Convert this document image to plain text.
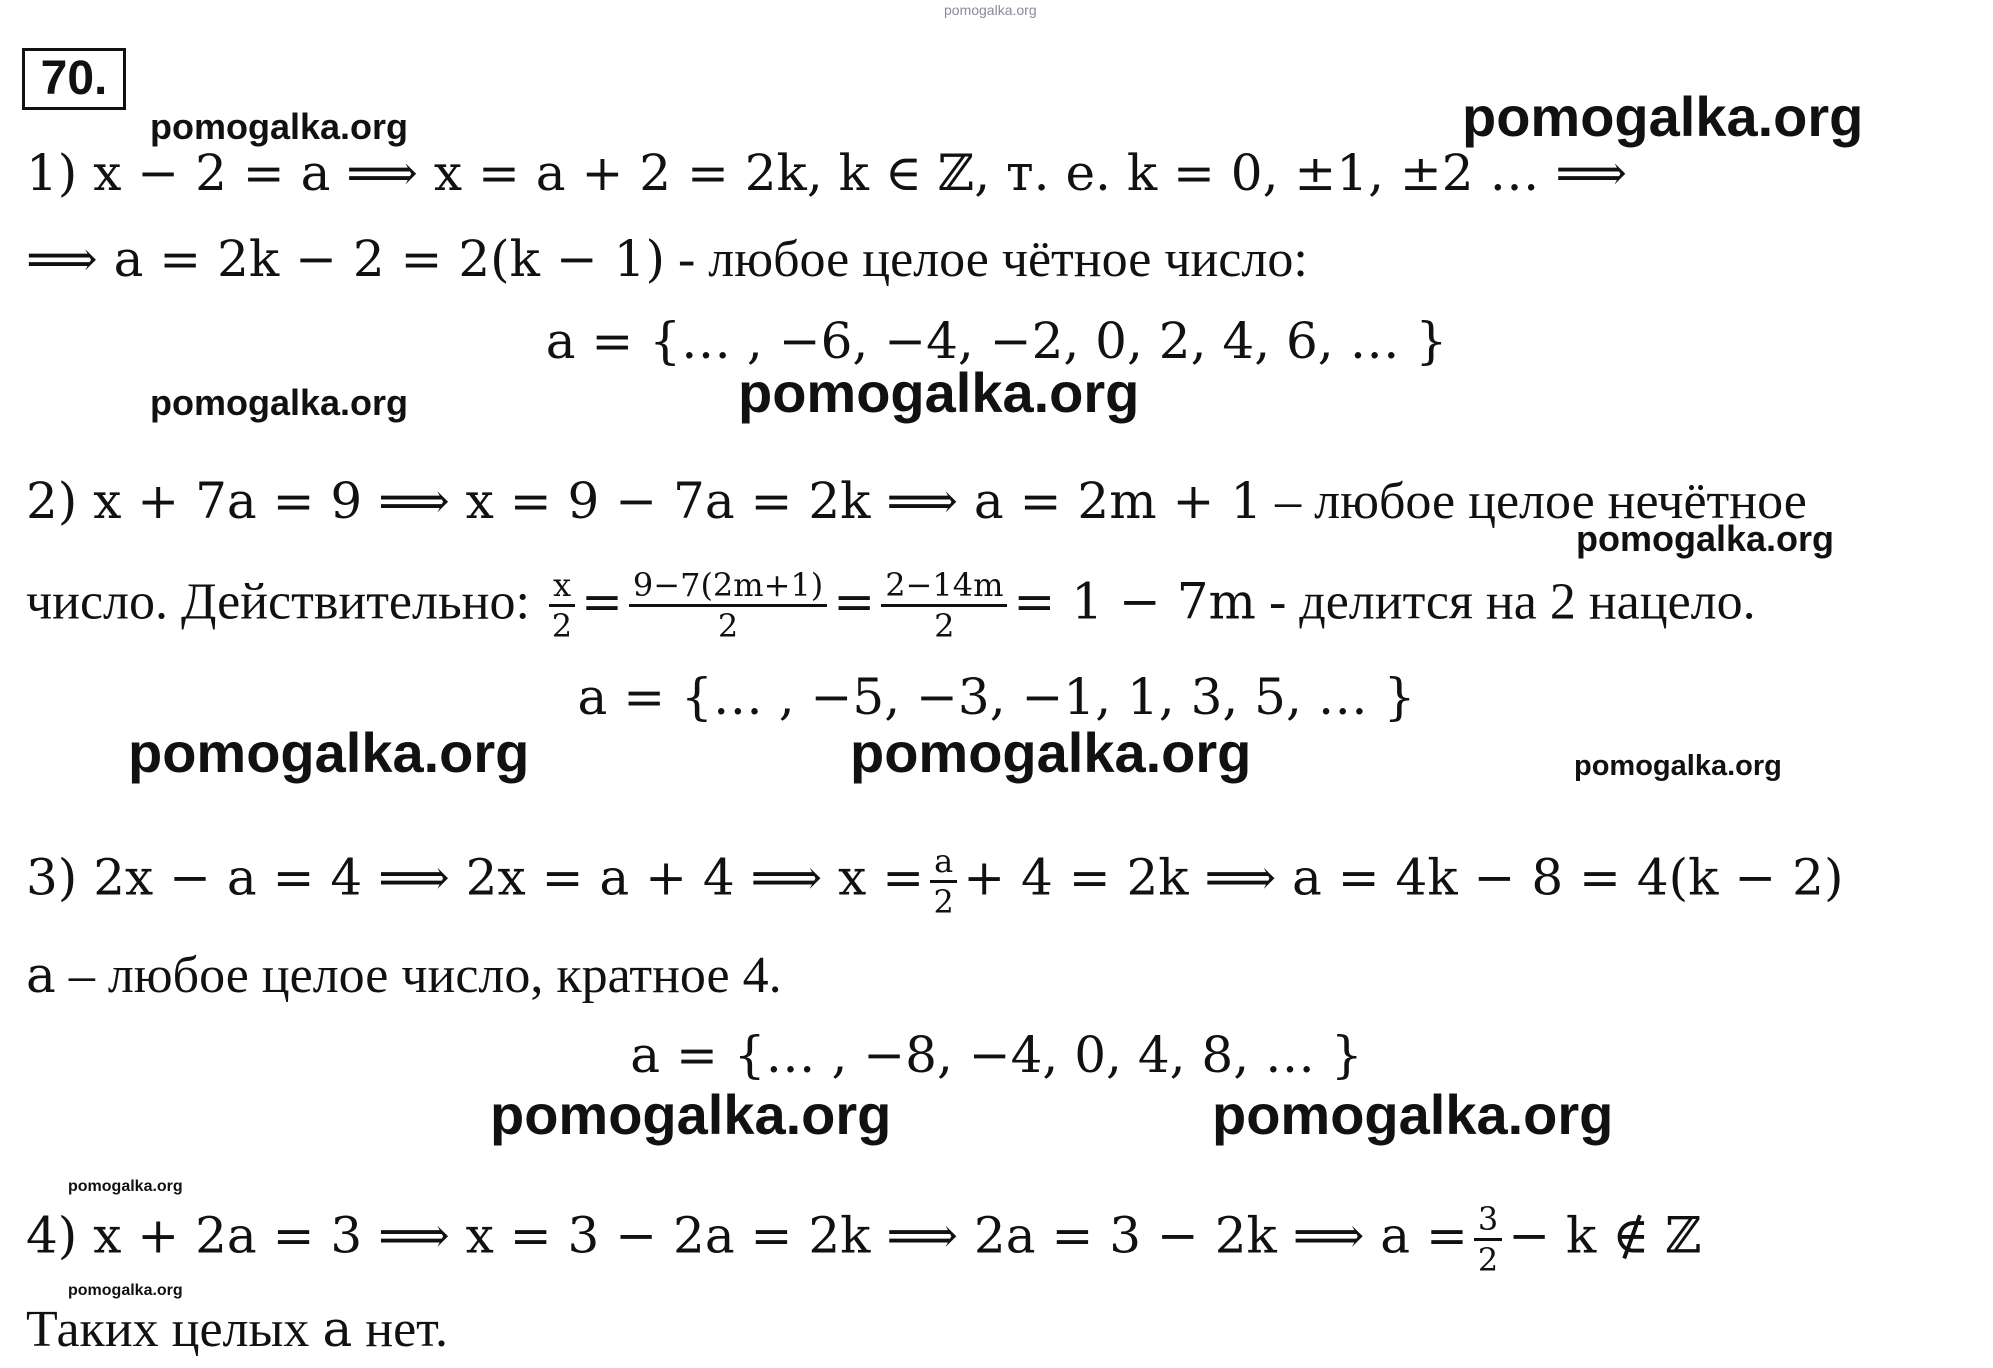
pomogalka.org
pomogalka.org	pomogalka.org
pomogalka.org	pomogalka.org
pomogalka.org
pomogalka.org	pomogalka.org	pomogalka.org
pomogalka.org	pomogalka.org
pomogalka.org
pomogalka.org
70.
1) x − 2 = a ⟹ x = a + 2 = 2k, k ∈ ℤ, т. е. k = 0, ±1, ±2 … ⟹
⟹ a = 2k − 2 = 2(k − 1) - любое целое чётное число:
a = {… , −6, −4, −2, 0, 2, 4, 6, … }
2) x + 7a = 9 ⟹ x = 9 − 7a = 2k ⟹ a = 2m + 1 – любое целое нечётное
число. Действительно: $\frac{x}{2} = \frac{9-7(2m+1)}{2} = \frac{2-14m}{2} = 1 - 7m$ - делится на 2 нацело.
a = {… , −5, −3, −1, 1, 3, 5, … }
3) 2x − a = 4 ⟹ 2x = a + 4 ⟹ $x = \frac{a}{2} + 4 = 2k$ ⟹ a = 4k − 8 = 4(k − 2)
a – любое целое число, кратное 4.
a = {… , −8, −4, 0, 4, 8, … }
4) x + 2a = 3 ⟹ x = 3 − 2a = 2k ⟹ 2a = 3 − 2k ⟹ $a = \frac{3}{2} - k$ ∉ ℤ
Таких целых a нет.
